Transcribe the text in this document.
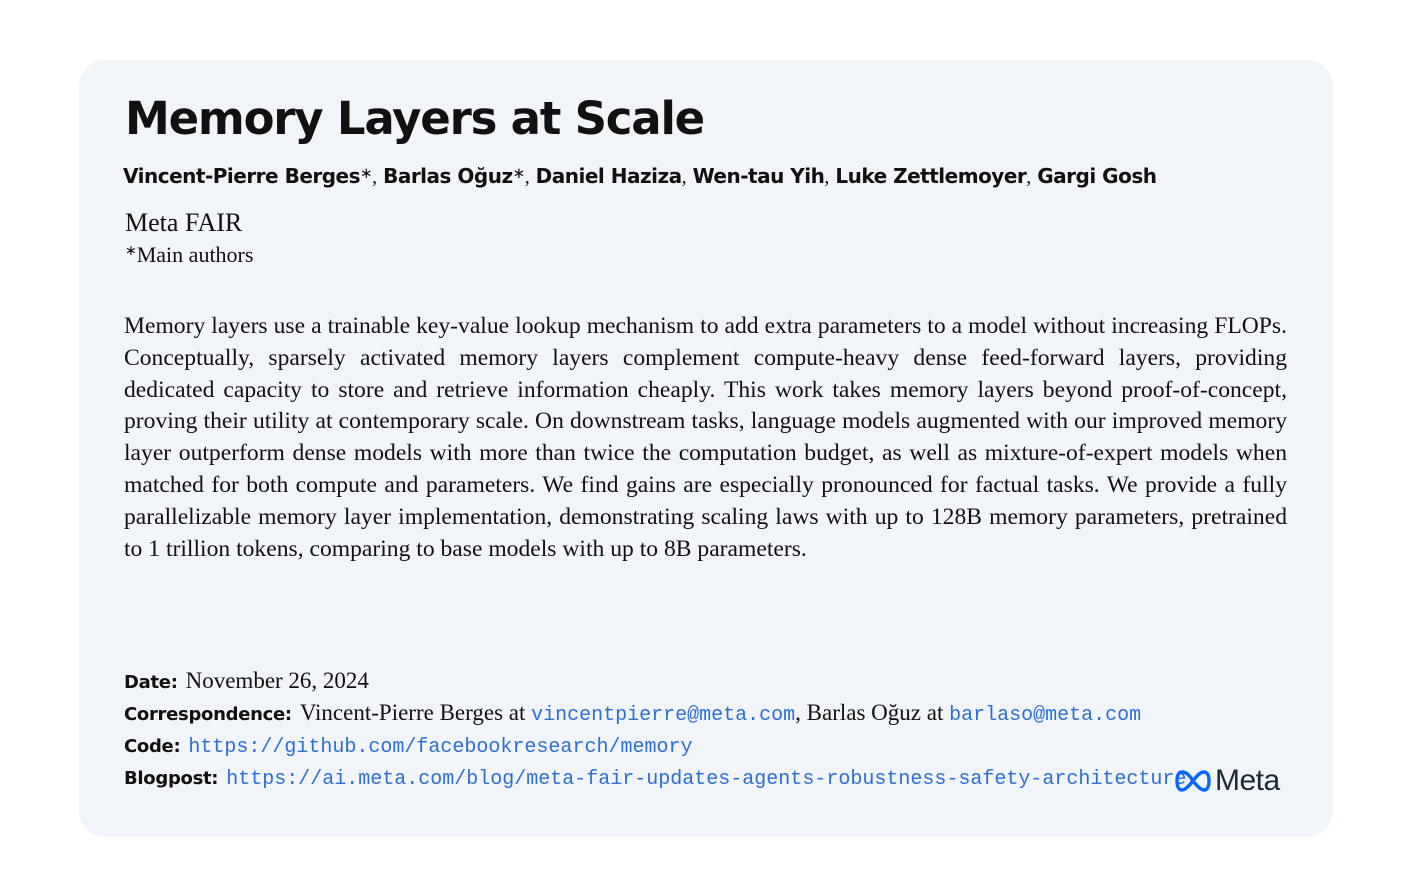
Memory Layers at Scale
Vincent-Pierre Berges∗, Barlas Oğuz∗, Daniel Haziza, Wen-tau Yih, Luke Zettlemoyer, Gargi Gosh
Meta FAIR
∗Main authors

Memory layers use a trainable key-value lookup mechanism to add extra parameters to a model without increasing FLOPs. Conceptually, sparsely activated memory layers complement compute-heavy dense feed-forward layers, providing dedicated capacity to store and retrieve information cheaply. This work takes memory layers beyond proof-of-concept, proving their utility at contemporary scale. On downstream tasks, language models augmented with our improved memory layer outperform dense models with more than twice the computation budget, as well as mixture-of-expert models when matched for both compute and parameters. We find gains are especially pronounced for factual tasks. We provide a fully parallelizable memory layer implementation, demonstrating scaling laws with up to 128B memory parameters, pretrained to 1 trillion tokens, comparing to base models with up to 8B parameters.

Date: November 26, 2024
Correspondence: Vincent-Pierre Berges at vincentpierre@meta.com, Barlas Oğuz at barlaso@meta.com
Code: https://github.com/facebookresearch/memory
Blogpost: https://ai.meta.com/blog/meta-fair-updates-agents-robustness-safety-architecture Meta
